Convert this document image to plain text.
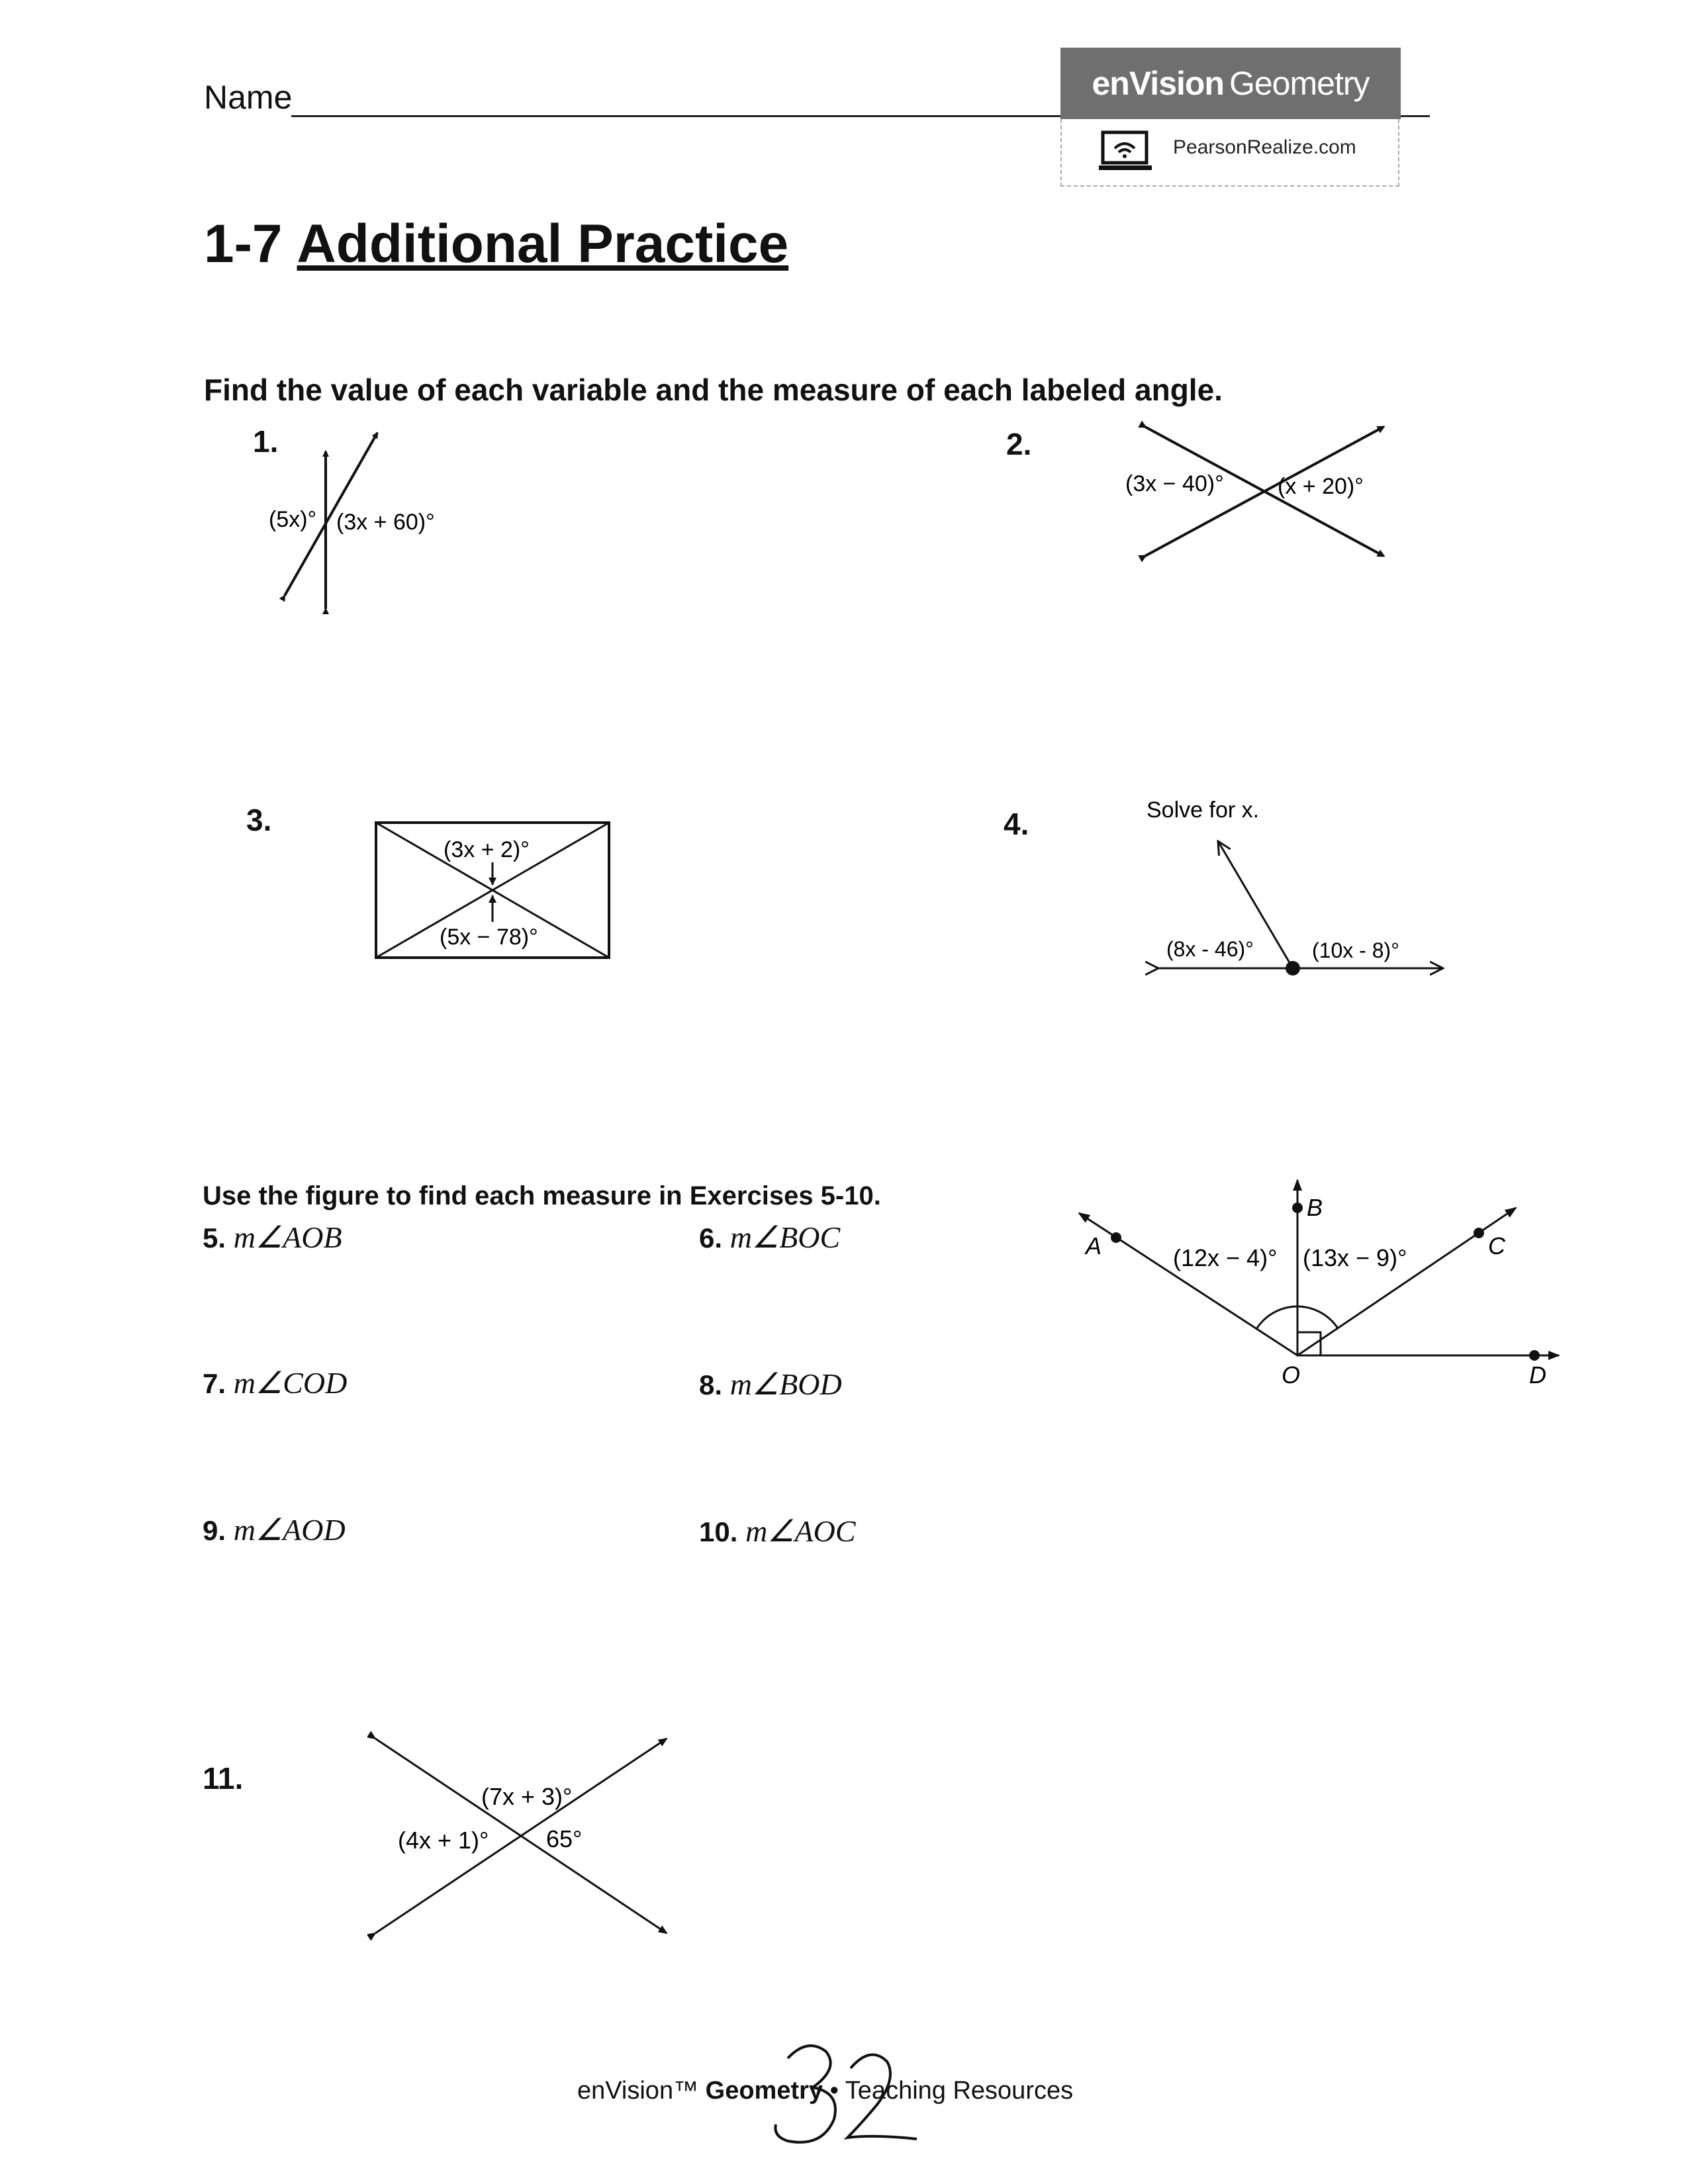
Name	enVision Geometry
PearsonRealize.com
1-7 Additional Practice
Find the value of each variable and the measure of each labeled angle.
1.	2.
3.	4.
11.
(5x)° (3x + 60)°
(3x − 40)° (x + 20)°
(3x + 2)°
(5x − 78)°
Solve for x.
(8x - 46)°	(10x - 8)°
Use the figure to find each measure in Exercises 5-10.
5. m∠AOB	6. m∠BOC
7. m∠COD	8. m∠BOD
9. m∠AOD	10. m∠AOC
A
B
C
D
O
(12x − 4)° (13x − 9)°
(7x + 3)°
(4x + 1)° 65°
enVision™ Geometry • Teaching Resources
32
